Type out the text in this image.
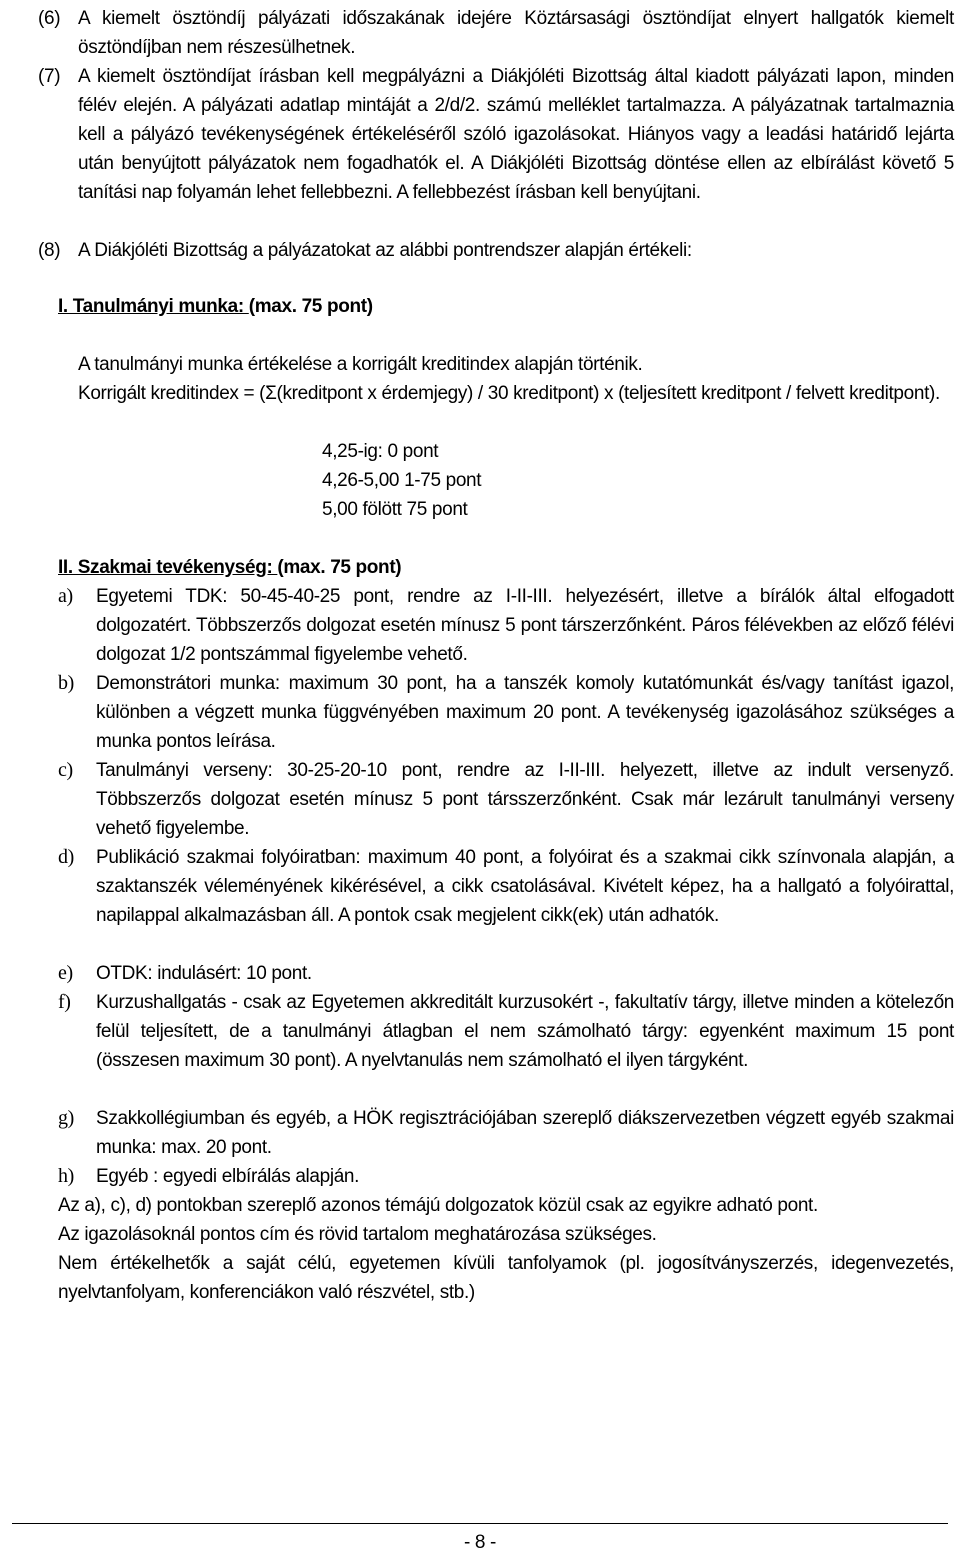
(6) A kiemelt ösztöndíj pályázati időszakának idejére Köztársasági ösztöndíjat elnyert hallgatók kiemelt ösztöndíjban nem részesülhetnek.
(7) A kiemelt ösztöndíjat írásban kell megpályázni a Diákjóléti Bizottság által kiadott pályázati lapon, minden félév elején. A pályázati adatlap mintáját a 2/d/2. számú melléklet tartalmazza. A pályázatnak tartalmaznia kell a pályázó tevékenységének értékeléséről szóló igazolásokat. Hiányos vagy a leadási határidő lejárta után benyújtott pályázatok nem fogadhatók el. A Diákjóléti Bizottság döntése ellen az elbírálást követő 5 tanítási nap folyamán lehet fellebbezni. A fellebbezést írásban kell benyújtani.
(8) A Diákjóléti Bizottság a pályázatokat az alábbi pontrendszer alapján értékeli:

I. Tanulmányi munka: (max. 75 pont)

A tanulmányi munka értékelése a korrigált kreditindex alapján történik.

Korrigált kreditindex = (Σ(kreditpont x érdemjegy) / 30 kreditpont) x (teljesített kreditpont / felvett kreditpont).

4,25-ig: 0 pont

4,26-5,00 1-75 pont

5,00 fölött 75 pont

II. Szakmai tevékenység: (max. 75 pont)

a) Egyetemi TDK: 50-45-40-25 pont, rendre az I-II-III. helyezésért, illetve a bírálók által elfogadott dolgozatért. Többszerzős dolgozat esetén mínusz 5 pont társzerzőnként. Páros félévekben az előző félévi dolgozat 1/2 pontszámmal figyelembe vehető.
b) Demonstrátori munka: maximum 30 pont, ha a tanszék komoly kutatómunkát és/vagy tanítást igazol, különben a végzett munka függvényében maximum 20 pont. A tevékenység igazolásához szükséges a munka pontos leírása.
c) Tanulmányi verseny: 30-25-20-10 pont, rendre az I-II-III. helyezett, illetve az indult versenyző. Többszerzős dolgozat esetén mínusz 5 pont társszerzőnként. Csak már lezárult tanulmányi verseny vehető figyelembe.
d) Publikáció szakmai folyóiratban: maximum 40 pont, a folyóirat és a szakmai cikk színvonala alapján, a szaktanszék véleményének kikérésével, a cikk csatolásával. Kivételt képez, ha a hallgató a folyóirattal, napilappal alkalmazásban áll. A pontok csak megjelent cikk(ek) után adhatók.
e) OTDK: indulásért: 10 pont.
f) Kurzushallgatás - csak az Egyetemen akkreditált kurzusokért -, fakultatív tárgy, illetve minden a kötelezőn felül teljesített, de a tanulmányi átlagban el nem számolható tárgy: egyenként maximum 15 pont (összesen maximum 30 pont). A nyelvtanulás nem számolható el ilyen tárgyként.
g) Szakkollégiumban és egyéb, a HÖK regisztrációjában szereplő diákszervezetben végzett egyéb szakmai munka: max. 20 pont.
h) Egyéb : egyedi elbírálás alapján.

Az a), c), d) pontokban szereplő azonos témájú dolgozatok közül csak az egyikre adható pont.

Az igazolásoknál pontos cím és rövid tartalom meghatározása szükséges.

Nem értékelhetők a saját célú, egyetemen kívüli tanfolyamok (pl. jogosítványszerzés, idegenvezetés, nyelvtanfolyam, konferenciákon való részvétel, stb.)

- 8 -
